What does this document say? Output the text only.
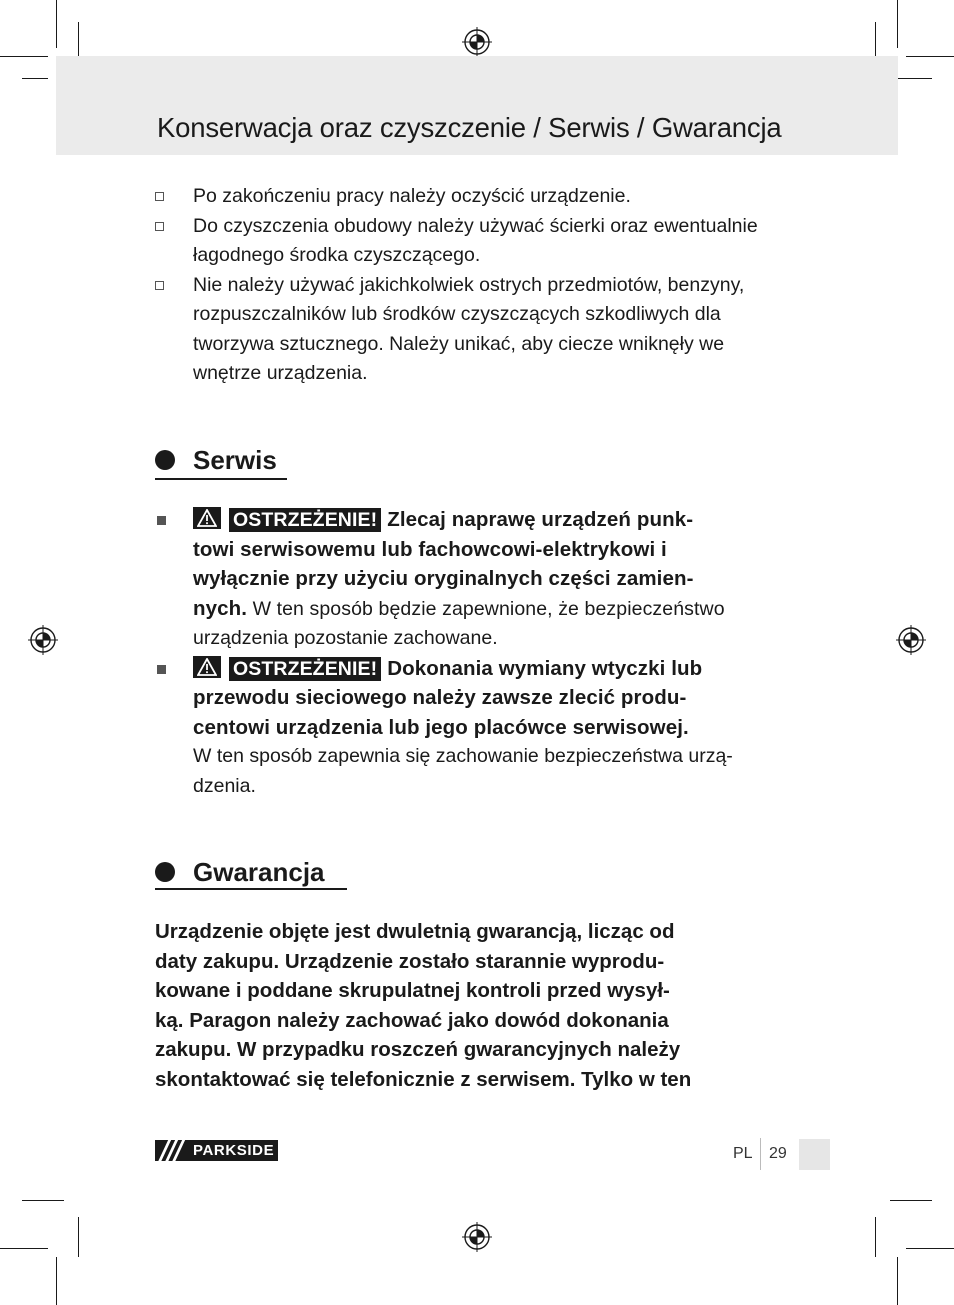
Konserwacja oraz czyszczenie / Serwis / Gwarancja
Po zakończeniu pracy należy oczyścić urządzenie.
Do czyszczenia obudowy należy używać ścierki oraz ewentualnie
łagodnego środka czyszczącego.
Nie należy używać jakichkolwiek ostrych przedmiotów, benzyny,
rozpuszczalników lub środków czyszczących szkodliwych dla
tworzywa sztucznego. Należy unikać, aby ciecze wniknęły we
wnętrze urządzenia.
Serwis
OSTRZEŻENIE! Zlecaj naprawę urządzeń punk-
towi serwisowemu lub fachowcowi-elektrykowi i
wyłącznie przy użyciu oryginalnych części zamien-
nych. W ten sposób będzie zapewnione, że bezpieczeństwo
urządzenia pozostanie zachowane.
OSTRZEŻENIE! Dokonania wymiany wtyczki lub
przewodu sieciowego należy zawsze zlecić produ-
centowi urządzenia lub jego placówce serwisowej.
W ten sposób zapewnia się zachowanie bezpieczeństwa urzą-
dzenia.
Gwarancja
Urządzenie objęte jest dwuletnią gwarancją, licząc od
daty zakupu. Urządzenie zostało starannie wyprodu-
kowane i poddane skrupulatnej kontroli przed wysył-
ką. Paragon należy zachować jako dowód dokonania
zakupu. W przypadku roszczeń gwarancyjnych należy
skontaktować się telefonicznie z serwisem. Tylko w ten
PARKSIDE	PL 29
